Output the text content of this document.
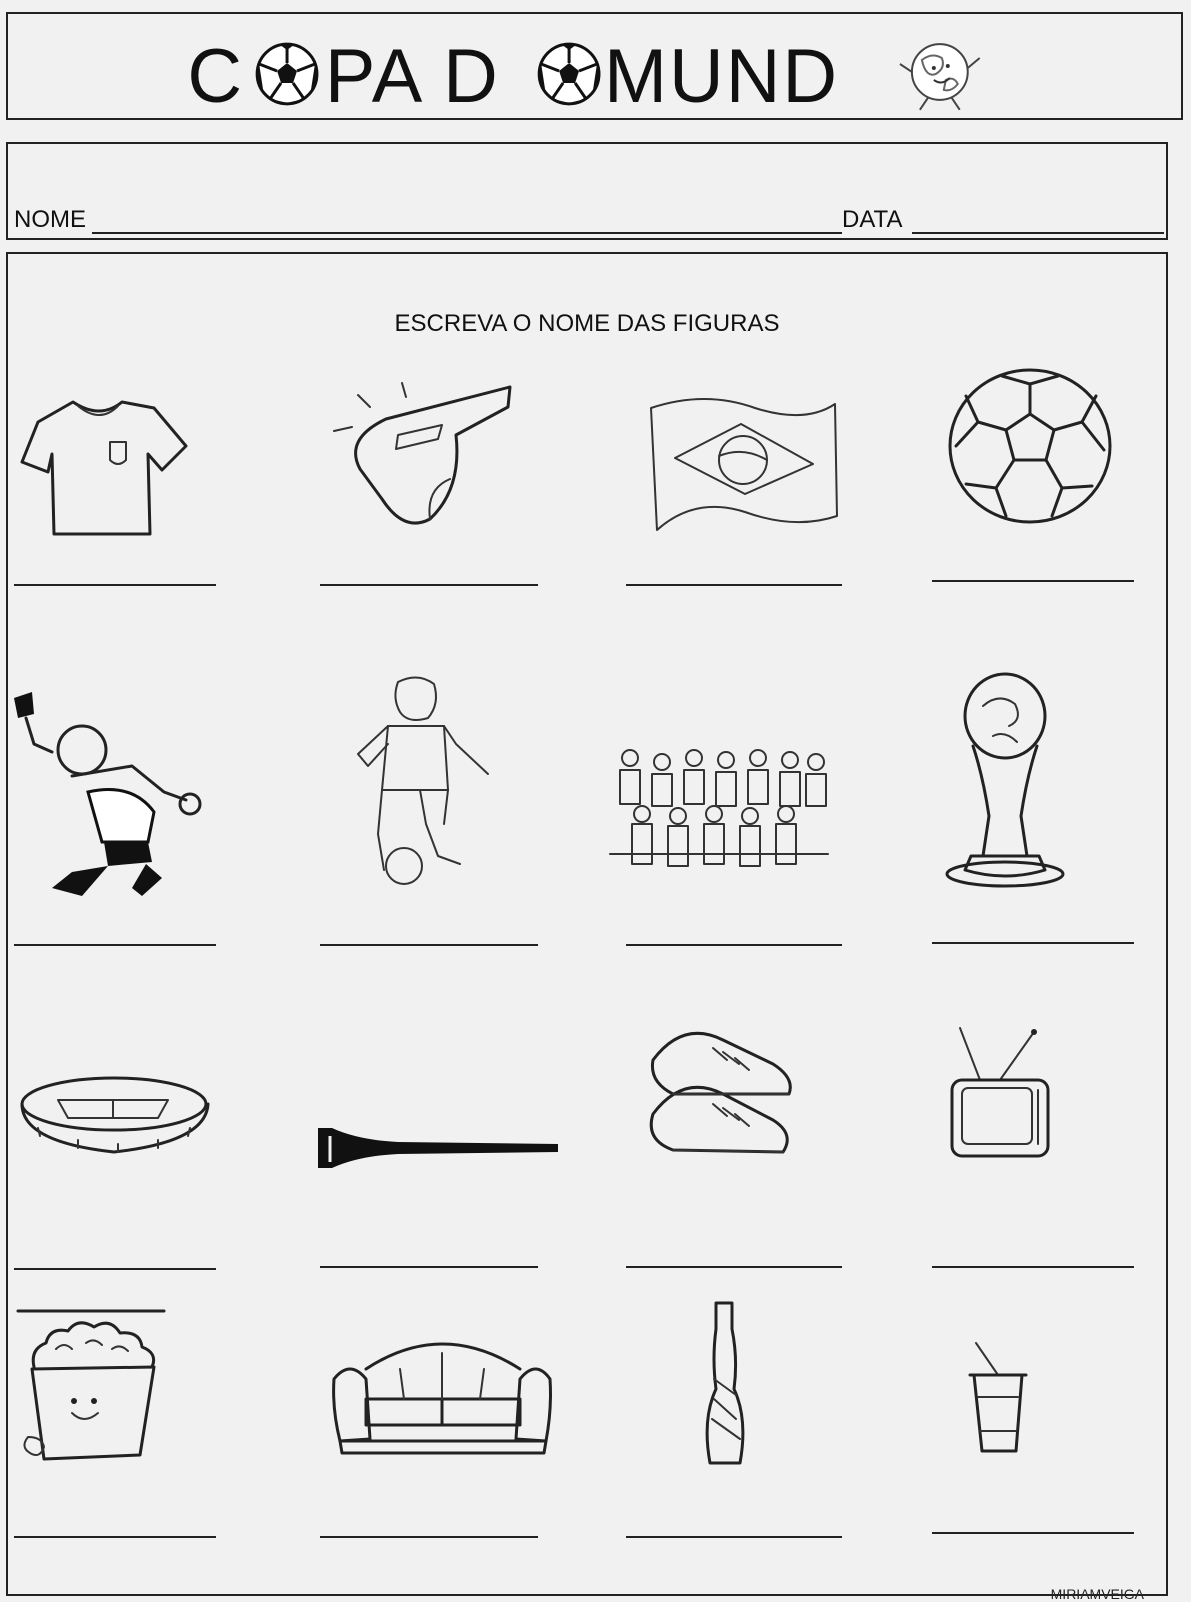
C PA D MUND
NOME	DATA
ESCREVA O NOME DAS FIGURAS
MIRIAMVEIGA
